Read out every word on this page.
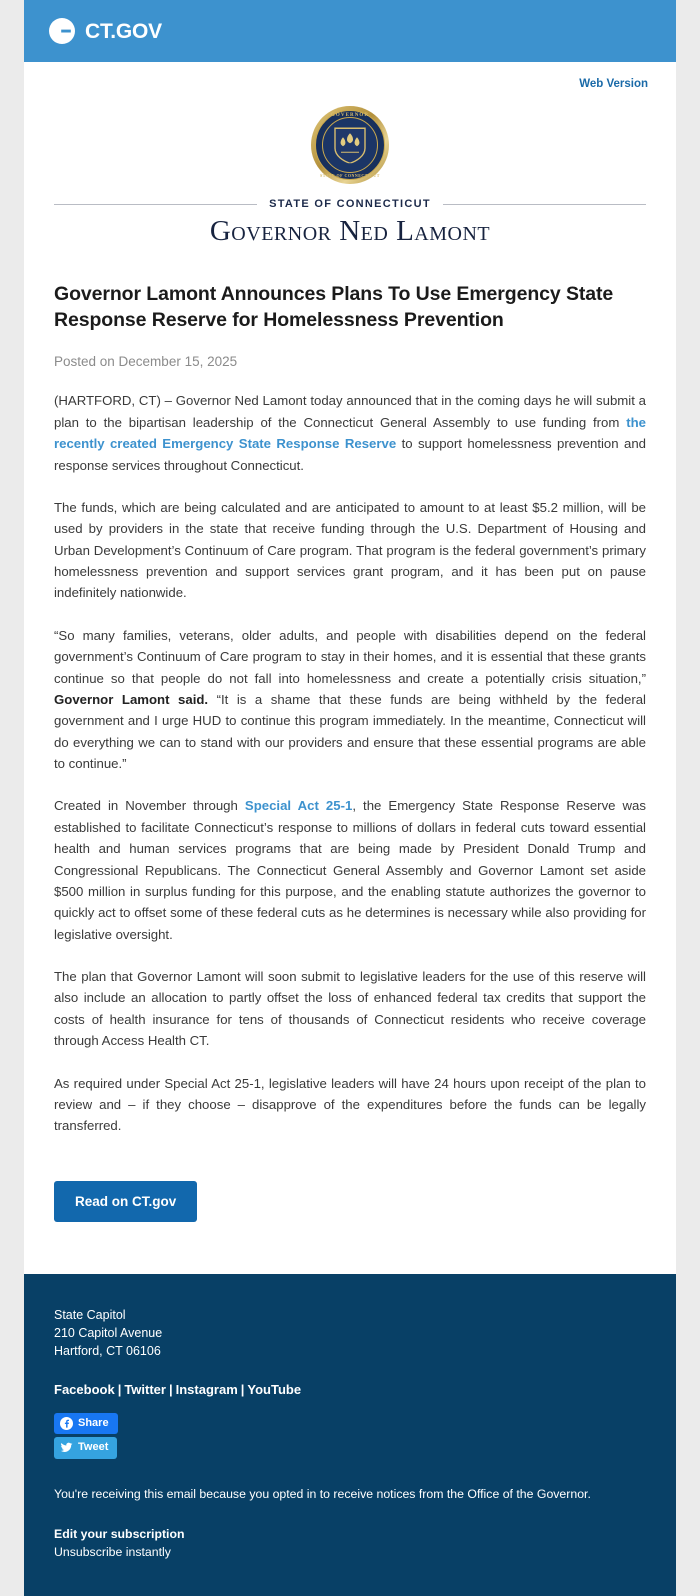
CT.GOV
Web Version
GOVERNOR
STATE OF CONNECTICUT
STATE OF CONNECTICUT
Governor Ned Lamont
Governor Lamont Announces Plans To Use Emergency State Response Reserve for Homelessness Prevention
Posted on December 15, 2025

(HARTFORD, CT) – Governor Ned Lamont today announced that in the coming days he will submit a plan to the bipartisan leadership of the Connecticut General Assembly to use funding from the recently created Emergency State Response Reserve to support homelessness prevention and response services throughout Connecticut.

The funds, which are being calculated and are anticipated to amount to at least $5.2 million, will be used by providers in the state that receive funding through the U.S. Department of Housing and Urban Development’s Continuum of Care program. That program is the federal government’s primary homelessness prevention and support services grant program, and it has been put on pause indefinitely nationwide.

“So many families, veterans, older adults, and people with disabilities depend on the federal government’s Continuum of Care program to stay in their homes, and it is essential that these grants continue so that people do not fall into homelessness and create a potentially crisis situation,” Governor Lamont said. “It is a shame that these funds are being withheld by the federal government and I urge HUD to continue this program immediately. In the meantime, Connecticut will do everything we can to stand with our providers and ensure that these essential programs are able to continue.”

Created in November through Special Act 25-1, the Emergency State Response Reserve was established to facilitate Connecticut’s response to millions of dollars in federal cuts toward essential health and human services programs that are being made by President Donald Trump and Congressional Republicans. The Connecticut General Assembly and Governor Lamont set aside $500 million in surplus funding for this purpose, and the enabling statute authorizes the governor to quickly act to offset some of these federal cuts as he determines is necessary while also providing for legislative oversight.

The plan that Governor Lamont will soon submit to legislative leaders for the use of this reserve will also include an allocation to partly offset the loss of enhanced federal tax credits that support the costs of health insurance for tens of thousands of Connecticut residents who receive coverage through Access Health CT.

As required under Special Act 25-1, legislative leaders will have 24 hours upon receipt of the plan to review and – if they choose – disapprove of the expenditures before the funds can be legally transferred.

Read on CT.gov
State Capitol
210 Capitol Avenue
Hartford, CT 06106
Facebook | Twitter | Instagram | YouTube
Share
Tweet
You're receiving this email because you opted in to receive notices from the Office of the Governor.
Edit your subscription
Unsubscribe instantly
